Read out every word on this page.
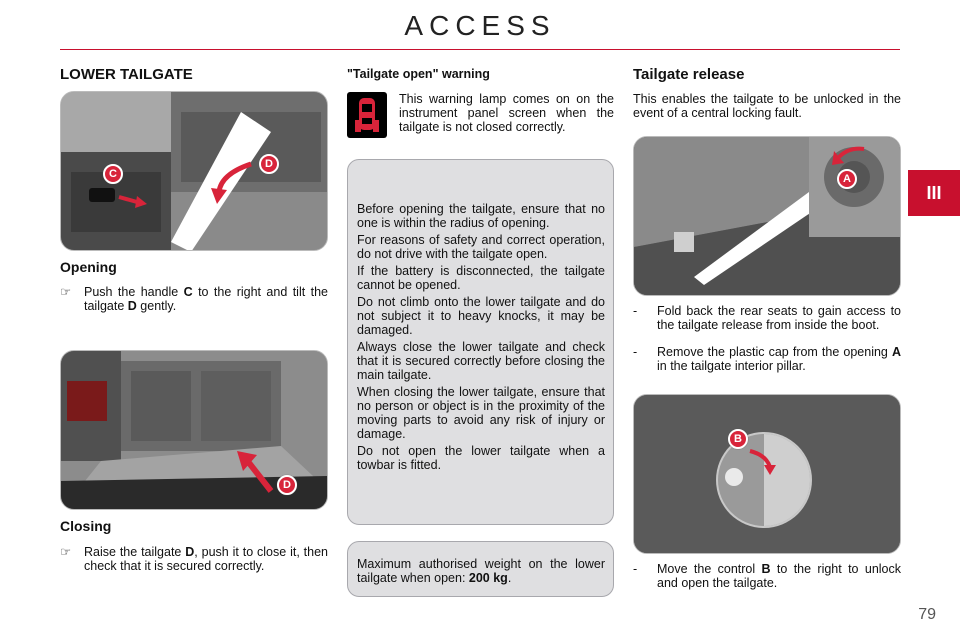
ACCESS
III
LOWER TAILGATE
C
D
Opening
☞ Push the handle C to the right and tilt the tailgate D gently.
D
Closing
☞ Raise the tailgate D, push it to close it, then check that it is secured correctly.
"Tailgate open" warning
This warning lamp comes on on the instrument panel screen when the tailgate is not closed correctly.

Before opening the tailgate, ensure that no one is within the radius of opening.

For reasons of safety and correct operation, do not drive with the tailgate open.

If the battery is disconnected, the tailgate cannot be opened.

Do not climb onto the lower tailgate and do not subject it to heavy knocks, it may be damaged.

Always close the lower tailgate and check that it is secured correctly before closing the main tailgate.

When closing the lower tailgate, ensure that no person or object is in the proximity of the moving parts to avoid any risk of injury or damage.

Do not open the lower tailgate when a towbar is fitted.

Maximum authorised weight on the lower tailgate when open: 200 kg.
Tailgate release
This enables the tailgate to be unlocked in the event of a central locking fault.
A
- Fold back the rear seats to gain access to the tailgate release from inside the boot.
- Remove the plastic cap from the opening A in the tailgate interior pillar.
B
- Move the control B to the right to unlock and open the tailgate.
79
